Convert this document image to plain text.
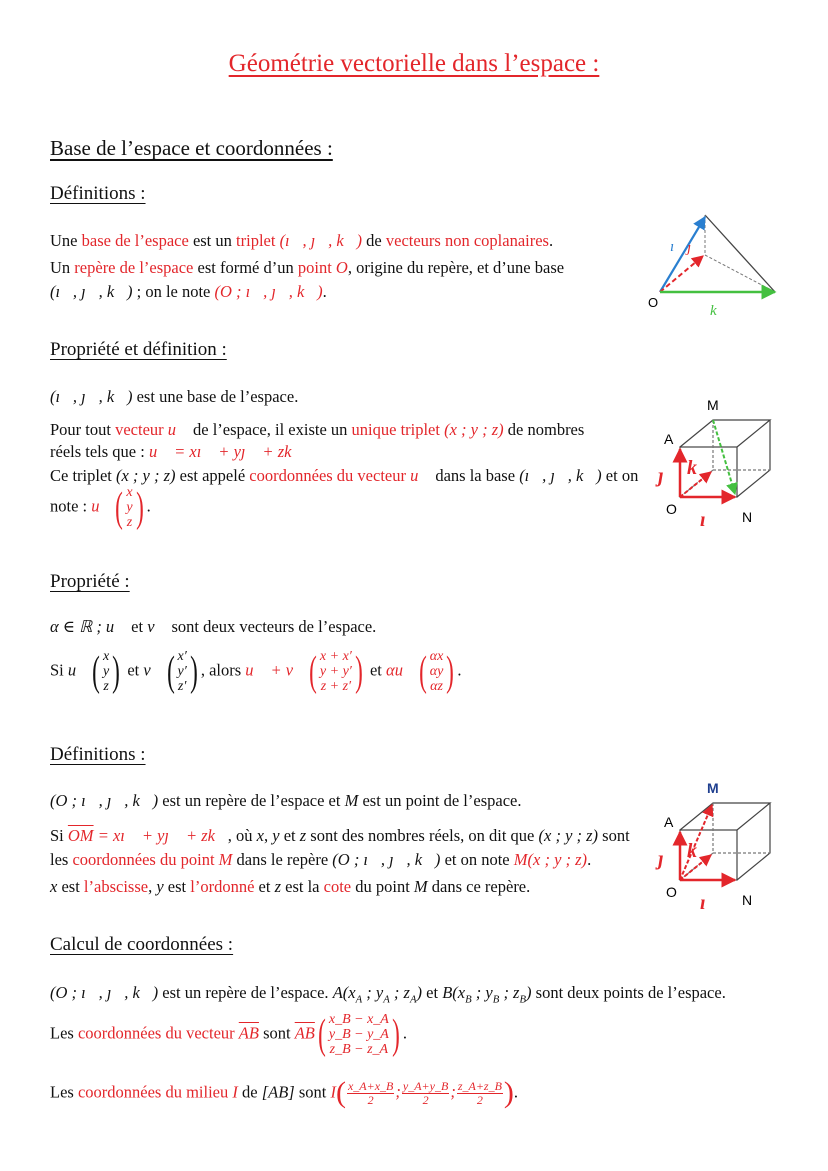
Géométrie vectorielle dans l’espace :
Base de l’espace et coordonnées :
Définitions :
Une base de l’espace est un triplet (ı⃗, ȷ⃗, k⃗) de vecteurs non coplanaires.
Un repère de l’espace est formé d’un point O, origine du repère, et d’une base
(ı⃗, ȷ⃗, k⃗) ; on le note (O ; ı⃗, ȷ⃗, k⃗).
Propriété et définition :
(ı⃗, ȷ⃗, k⃗) est une base de l’espace.
Pour tout vecteur u⃗ de l’espace, il existe un unique triplet (x ; y ; z) de nombres
réels tels que : u⃗ = xı⃗ + yȷ⃗ + zk⃗
Ce triplet (x ; y ; z) est appelé coordonnées du vecteur u⃗ dans la base (ı⃗, ȷ⃗, k⃗) et on
note : u⃗ ( x
y
z ) .
Propriété :
α ∈ ℝ ; u⃗ et v⃗ sont deux vecteurs de l’espace.
Si u⃗ ( x
y
z ) et v⃗ ( x′
y′
z′ ) , alors u⃗ + v⃗ ( x + x′
y + y′
z + z′ ) et αu⃗ ( αx
αy
αz ) .
Définitions :
(O ; ı⃗, ȷ⃗, k⃗) est un repère de l’espace et M est un point de l’espace.
Si $\overline{OM}$ = xı⃗ + yȷ⃗ + zk⃗, où x, y et z sont des nombres réels, on dit que (x ; y ; z) sont
les coordonnées du point M dans le repère (O ; ı⃗, ȷ⃗, k⃗) et on note M(x ; y ; z).
x est l’abscisse, y est l’ordonné et z est la cote du point M dans ce repère.
Calcul de coordonnées :
(O ; ı⃗, ȷ⃗, k⃗) est un repère de l’espace. $A(x_A$ ; $y_A$ ; $z_A$) et $B(x_B$ ; $y_B$ ; $z_B$) sont deux points de l’espace.
Les coordonnées du vecteur $\overline{AB}$ sont $\overline{AB}$ ( x_B − x_A
y_B − y_A
z_B − z_A ) .
Les coordonnées du milieu I de [AB] sont $I( \frac{x\_A+x\_B}{2}$ ; $\frac{y\_A+y\_B}{2}$ ; $\frac{z\_A+z\_B}{2}$ ).
O
ı⃗ ȷ⃗
k⃗
M
A
O	N
ı⃗
ȷ⃗ k⃗
M
A
O	N
ı⃗
ȷ⃗ k⃗
